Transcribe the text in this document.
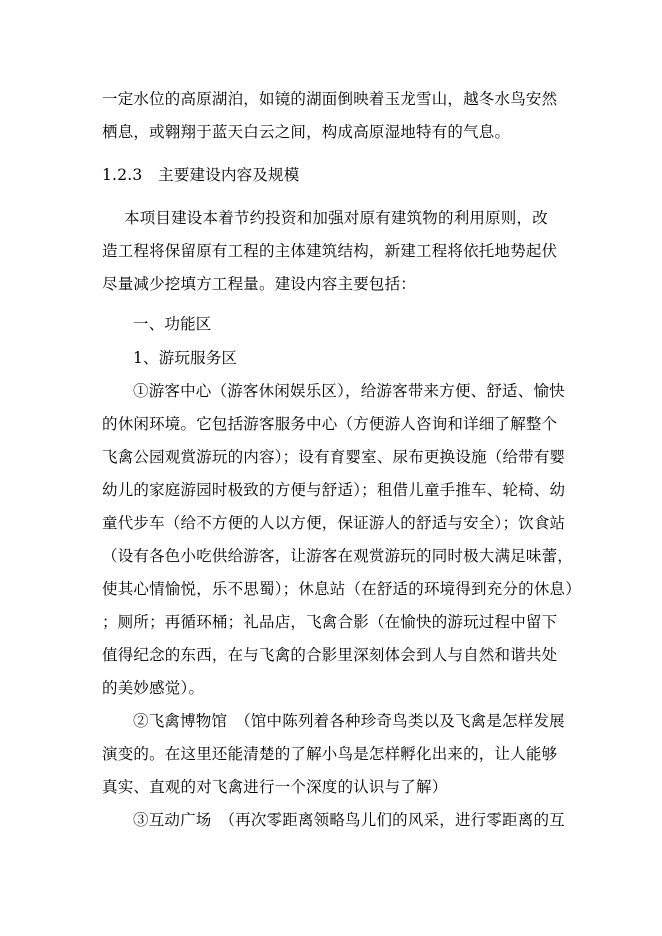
一定水位的高原湖泊，如镜的湖面倒映着玉龙雪山，越冬水鸟安然
栖息，或翱翔于蓝天白云之间，构成高原湿地特有的气息。
1.2.3　主要建设内容及规模
本项目建设本着节约投资和加强对原有建筑物的利用原则，改
造工程将保留原有工程的主体建筑结构，新建工程将依托地势起伏
尽量减少挖填方工程量。建设内容主要包括：
一、功能区
1、游玩服务区
①游客中心（游客休闲娱乐区），给游客带来方便、舒适、愉快
的休闲环境。它包括游客服务中心（方便游人咨询和详细了解整个
飞禽公园观赏游玩的内容）；设有育婴室、尿布更换设施（给带有婴
幼儿的家庭游园时极致的方便与舒适）；租借儿童手推车、轮椅、幼
童代步车（给不方便的人以方便，保证游人的舒适与安全）；饮食站
（设有各色小吃供给游客，让游客在观赏游玩的同时极大满足味蕾，
使其心情愉悦，乐不思蜀）；休息站（在舒适的环境得到充分的休息）
；厕所；再循环桶；礼品店，飞禽合影（在愉快的游玩过程中留下
值得纪念的东西，在与飞禽的合影里深刻体会到人与自然和谐共处
的美妙感觉）。
②飞禽博物馆　（馆中陈列着各种珍奇鸟类以及飞禽是怎样发展
演变的。在这里还能清楚的了解小鸟是怎样孵化出来的，让人能够
真实、直观的对飞禽进行一个深度的认识与了解）
③互动广场　（再次零距离领略鸟儿们的风采，进行零距离的互
